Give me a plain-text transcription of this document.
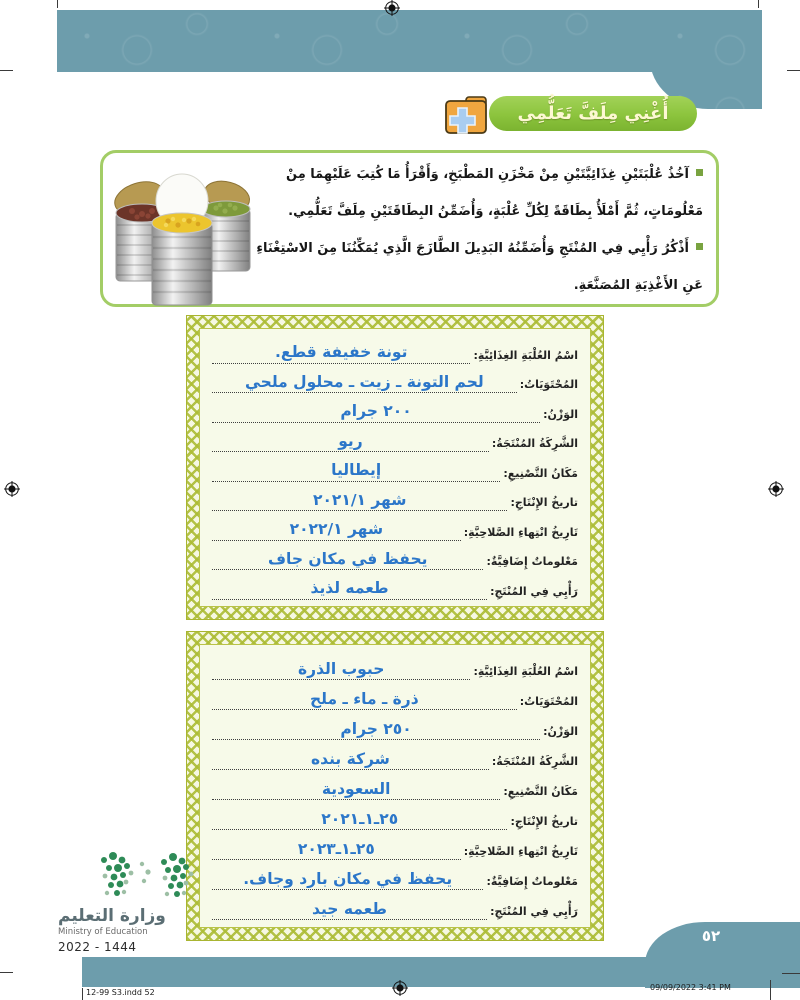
أُغْنِي مِلَفَّ تَعَلُّمِي

آخُذُ عُلْبَتَيْنِ غِذَائِيَّتَيْنِ مِنْ مَخْزَنِ المَطْبَخِ، وَأَقْرَأُ مَا كُتِبَ عَلَيْهِمَا مِنْ مَعْلُومَاتٍ، ثُمَّ أَمْلَأُ بِطَاقَةً لِكُلِّ عُلْبَةٍ، وَأُضَمِّنُ البِطَاقَتَيْنِ مِلَفَّ تَعَلُّمِي.

أَذْكُرُ رَأْيِي فِي المُنْتَجِ وَأُضَمِّنُهُ البَدِيلَ الطَّازَجَ الَّذِي يُمَكِّنُنَا مِنَ الاسْتِغْنَاءِ عَنِ الأَغْذِيَةِ المُصَنَّعَةِ.

اسْمُ العُلْبَةِ الغِذَائِيَّةِ:
تونة خفيفة قطع.
المُحْتَوَيَاتُ:
لحم التونة ـ زيت ـ محلول ملحي
الوَزْنُ:
٢٠٠ جرام
الشَّرِكَةُ المُنْتَجَةُ:
ريو
مَكَانُ التَّصْنِيعِ:
إيطاليا
تاريخُ الإِنْتَاجِ:
شهر ٢٠٢١/١
تَارِيخُ انْتِهاءِ الصَّلاحِيَّةِ:
شهر ٢٠٢٢/١
مَعْلوماتٌ إِضَافِيَّةٌ:
يحفظ في مكان جاف
رَأْيِي فِي المُنْتَجِ:
طعمه لذيذ
اسْمُ العُلْبَةِ الغِذَائِيَّةِ:
حبوب الذرة
المُحْتَوَيَاتُ:
ذرة ـ ماء ـ ملح
الوَزْنُ:
٢٥٠ جرام
الشَّرِكَةُ المُنْتَجَةُ:
شركة بنده
مَكَانُ التَّصْنِيعِ:
السعودية
تاريخُ الإِنْتَاجِ:
٢٥ـ١ـ٢٠٢١
تَارِيخُ انْتِهاءِ الصَّلاحِيَّةِ:
٢٥ـ١ـ٢٠٢٣
مَعْلوماتٌ إِضَافِيَّةٌ:
يحفظ في مكان بارد وجاف.
رَأْيِي فِي المُنْتَجِ:
طعمه جيد
وزارة التعليم
Ministry of Education
2022 - 1444
٥٢
12-99 S3.indd 52
09/09/2022 3:41 PM
